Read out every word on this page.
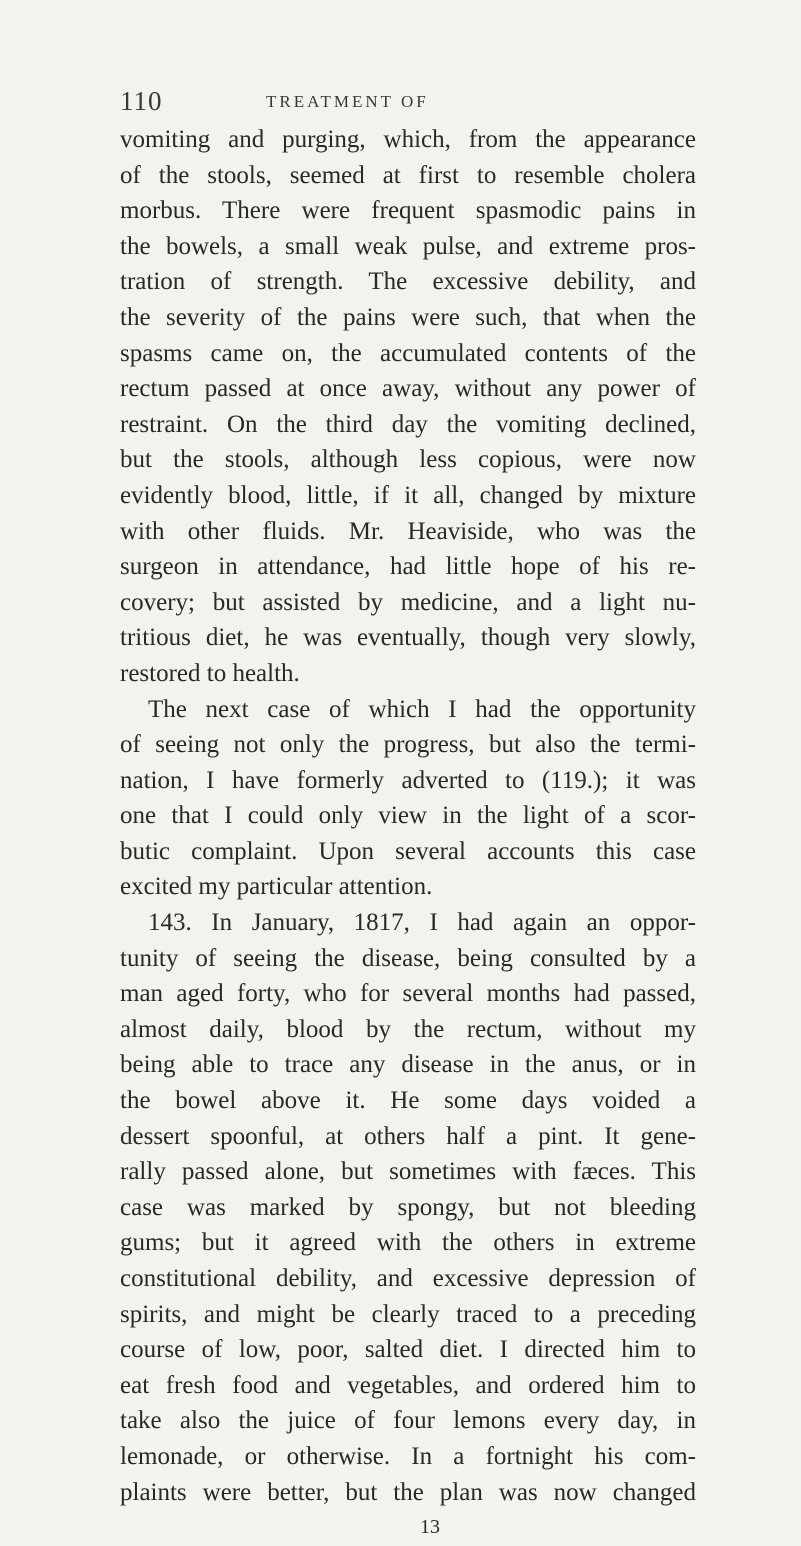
110	TREATMENT OF
vomiting and purging, which, from the appearance
of the stools, seemed at first to resemble cholera
morbus. There were frequent spasmodic pains in
the bowels, a small weak pulse, and extreme pros-
tration of strength. The excessive debility, and
the severity of the pains were such, that when the
spasms came on, the accumulated contents of the
rectum passed at once away, without any power of
restraint. On the third day the vomiting declined,
but the stools, although less copious, were now
evidently blood, little, if it all, changed by mixture
with other fluids. Mr. Heaviside, who was the
surgeon in attendance, had little hope of his re-
covery; but assisted by medicine, and a light nu-
tritious diet, he was eventually, though very slowly,
restored to health.
The next case of which I had the opportunity
of seeing not only the progress, but also the termi-
nation, I have formerly adverted to (119.); it was
one that I could only view in the light of a scor-
butic complaint. Upon several accounts this case
excited my particular attention.
143. In January, 1817, I had again an oppor-
tunity of seeing the disease, being consulted by a
man aged forty, who for several months had passed,
almost daily, blood by the rectum, without my
being able to trace any disease in the anus, or in
the bowel above it. He some days voided a
dessert spoonful, at others half a pint. It gene-
rally passed alone, but sometimes with fæces. This
case was marked by spongy, but not bleeding
gums; but it agreed with the others in extreme
constitutional debility, and excessive depression of
spirits, and might be clearly traced to a preceding
course of low, poor, salted diet. I directed him to
eat fresh food and vegetables, and ordered him to
take also the juice of four lemons every day, in
lemonade, or otherwise. In a fortnight his com-
plaints were better, but the plan was now changed
13
